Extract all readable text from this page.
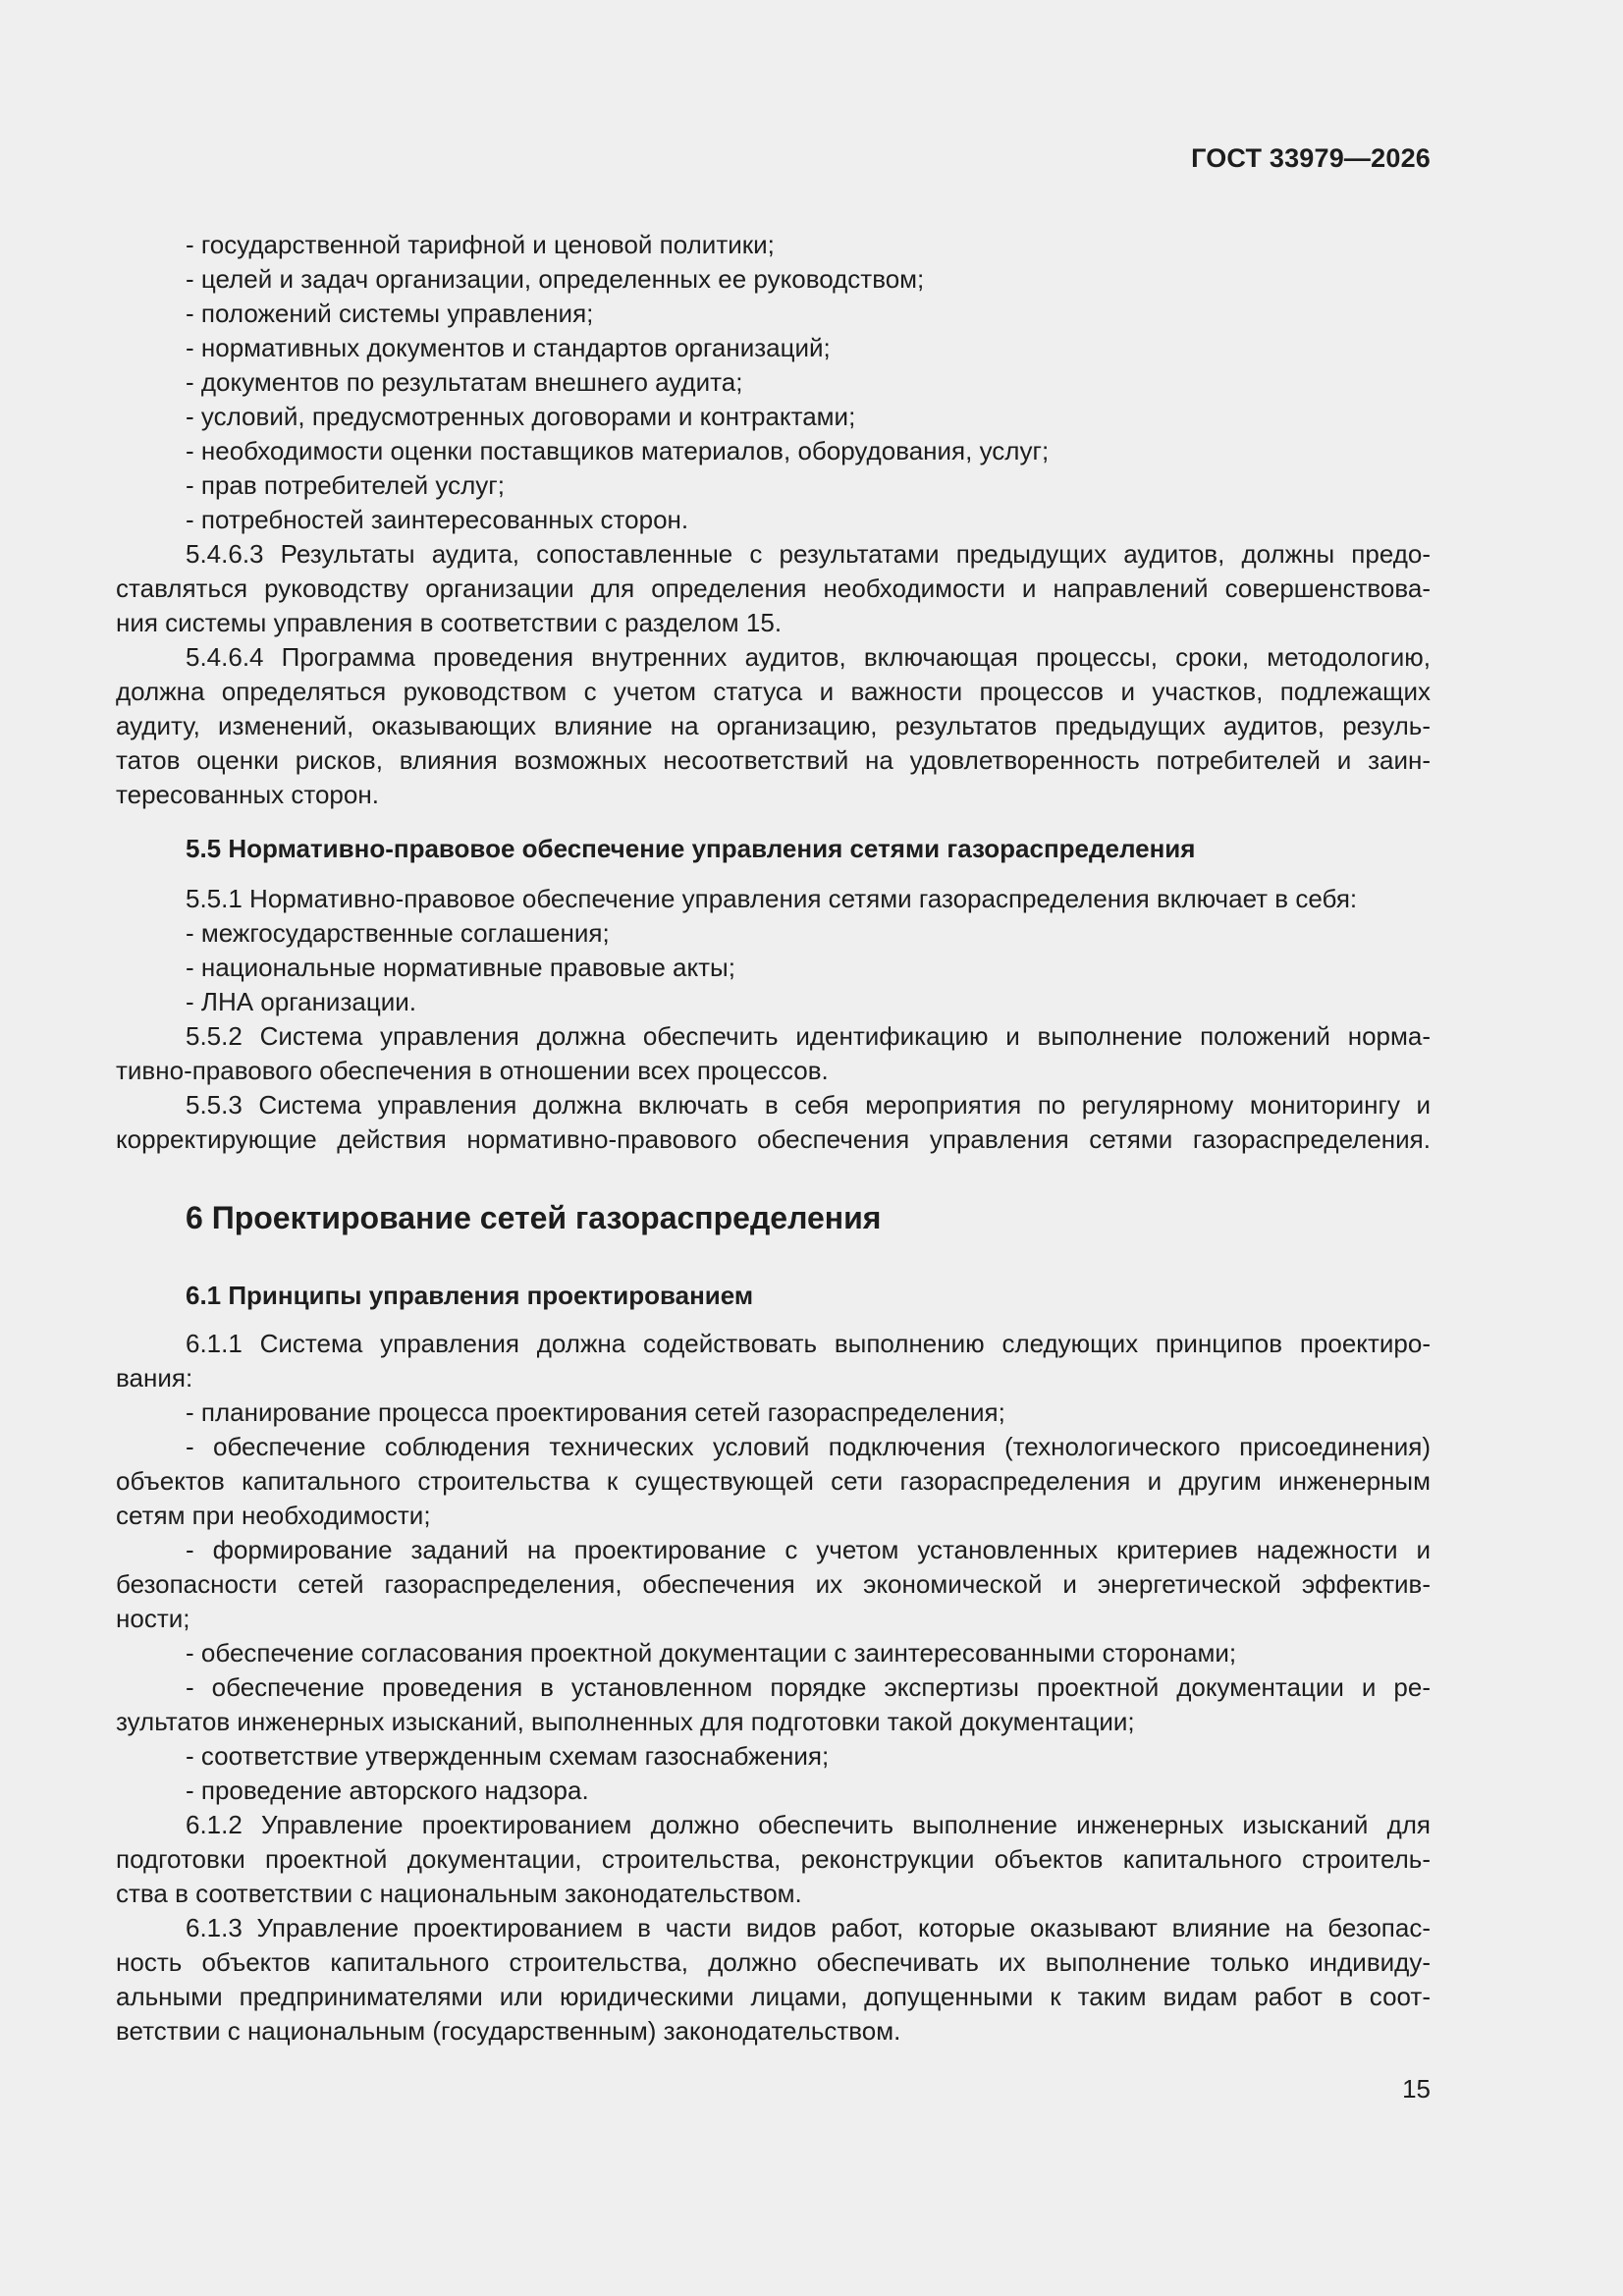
ГОСТ 33979—2026
- государственной тарифной и ценовой политики;
- целей и задач организации, определенных ее руководством;
- положений системы управления;
- нормативных документов и стандартов организаций;
- документов по результатам внешнего аудита;
- условий, предусмотренных договорами и контрактами;
- необходимости оценки поставщиков материалов, оборудования, услуг;
- прав потребителей услуг;
- потребностей заинтересованных сторон.
5.4.6.3 Результаты аудита, сопоставленные с результатами предыдущих аудитов, должны предо-
ставляться руководству организации для определения необходимости и направлений совершенствова-
ния системы управления в соответствии с разделом 15.
5.4.6.4 Программа проведения внутренних аудитов, включающая процессы, сроки, методологию,
должна определяться руководством с учетом статуса и важности процессов и участков, подлежащих
аудиту, изменений, оказывающих влияние на организацию, результатов предыдущих аудитов, резуль-
татов оценки рисков, влияния возможных несоответствий на удовлетворенность потребителей и заин-
тересованных сторон.
5.5 Нормативно-правовое обеспечение управления сетями газораспределения
5.5.1 Нормативно-правовое обеспечение управления сетями газораспределения включает в себя:
- межгосударственные соглашения;
- национальные нормативные правовые акты;
- ЛНА организации.
5.5.2 Система управления должна обеспечить идентификацию и выполнение положений норма-
тивно-правового обеспечения в отношении всех процессов.
5.5.3 Система управления должна включать в себя мероприятия по регулярному мониторингу и
корректирующие действия нормативно-правового обеспечения управления сетями газораспределения.
6 Проектирование сетей газораспределения
6.1 Принципы управления проектированием
6.1.1 Система управления должна содействовать выполнению следующих принципов проектиро-
вания:
- планирование процесса проектирования сетей газораспределения;
- обеспечение соблюдения технических условий подключения (технологического присоединения)
объектов капитального строительства к существующей сети газораспределения и другим инженерным
сетям при необходимости;
- формирование заданий на проектирование с учетом установленных критериев надежности и
безопасности сетей газораспределения, обеспечения их экономической и энергетической эффектив-
ности;
- обеспечение согласования проектной документации с заинтересованными сторонами;
- обеспечение проведения в установленном порядке экспертизы проектной документации и ре-
зультатов инженерных изысканий, выполненных для подготовки такой документации;
- соответствие утвержденным схемам газоснабжения;
- проведение авторского надзора.
6.1.2 Управление проектированием должно обеспечить выполнение инженерных изысканий для
подготовки проектной документации, строительства, реконструкции объектов капитального строитель-
ства в соответствии с национальным законодательством.
6.1.3 Управление проектированием в части видов работ, которые оказывают влияние на безопас-
ность объектов капитального строительства, должно обеспечивать их выполнение только индивиду-
альными предпринимателями или юридическими лицами, допущенными к таким видам работ в соот-
ветствии с национальным (государственным) законодательством.
15
